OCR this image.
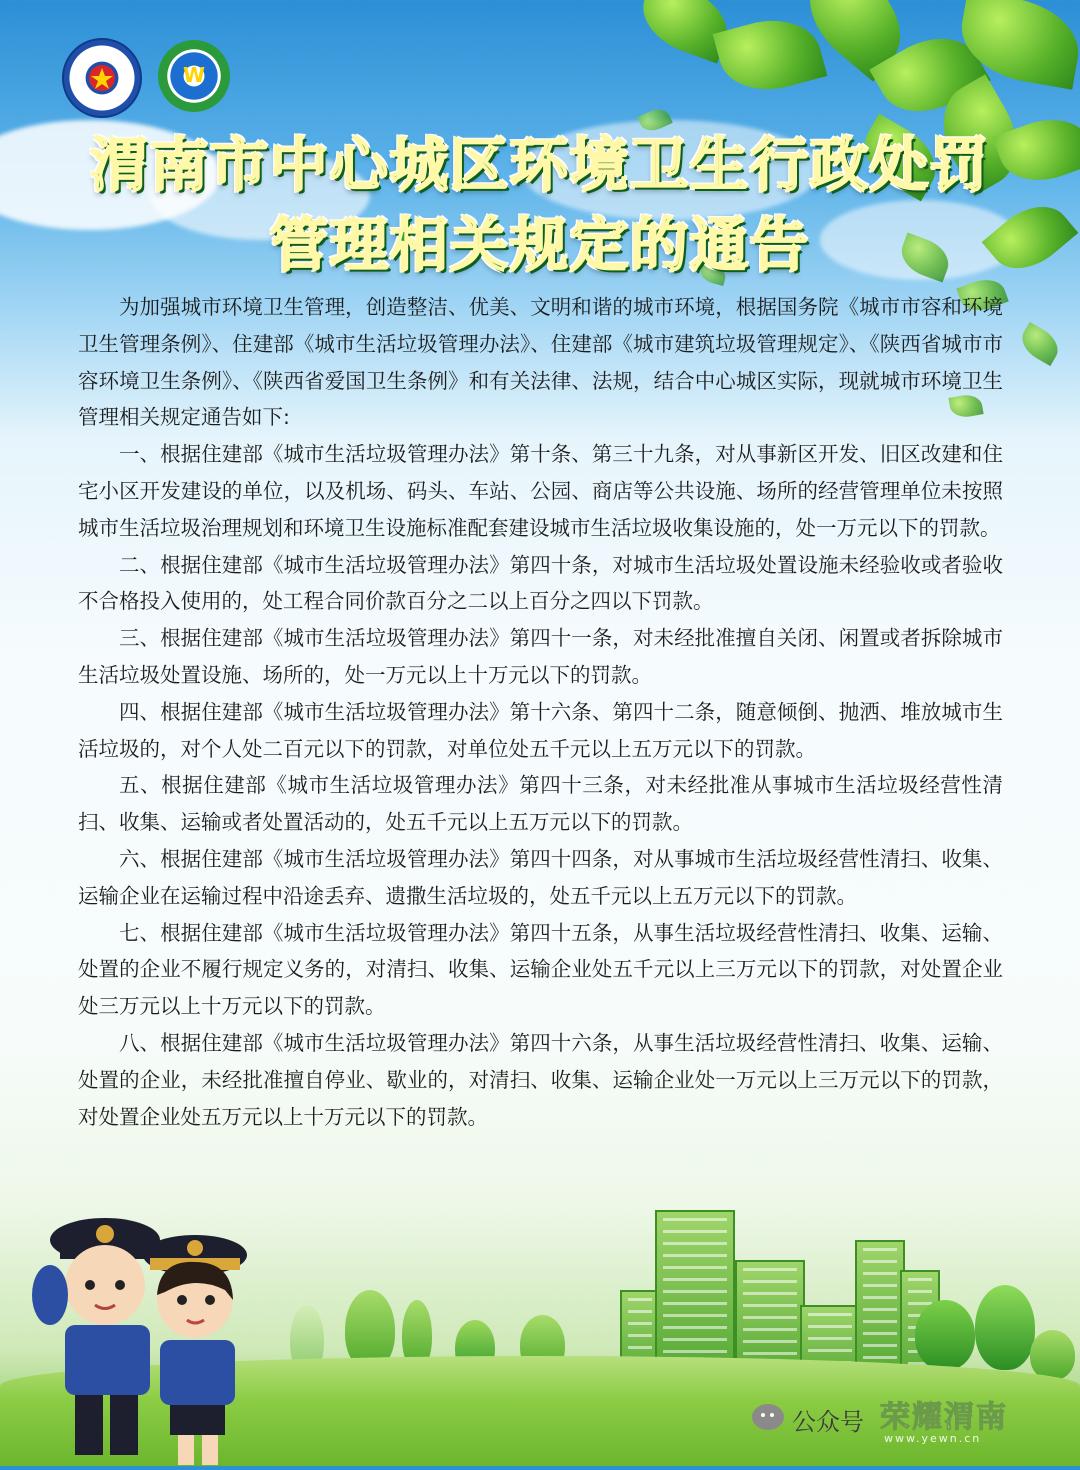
W
渭南市中心城区环境卫生行政处罚
管理相关规定的通告

为加强城市环境卫生管理，创造整洁、优美、文明和谐的城市环境，根据国务院《城市市容和环境卫生管理条例》、住建部《城市生活垃圾管理办法》、住建部《城市建筑垃圾管理规定》、《陕西省城市市容环境卫生条例》、《陕西省爱国卫生条例》和有关法律、法规，结合中心城区实际，现就城市环境卫生管理相关规定通告如下:

一、根据住建部《城市生活垃圾管理办法》第十条、第三十九条，对从事新区开发、旧区改建和住宅小区开发建设的单位，以及机场、码头、车站、公园、商店等公共设施、场所的经营管理单位未按照城市生活垃圾治理规划和环境卫生设施标准配套建设城市生活垃圾收集设施的，处一万元以下的罚款。

二、根据住建部《城市生活垃圾管理办法》第四十条，对城市生活垃圾处置设施未经验收或者验收不合格投入使用的，处工程合同价款百分之二以上百分之四以下罚款。

三、根据住建部《城市生活垃圾管理办法》第四十一条，对未经批准擅自关闭、闲置或者拆除城市生活垃圾处置设施、场所的，处一万元以上十万元以下的罚款。

四、根据住建部《城市生活垃圾管理办法》第十六条、第四十二条，随意倾倒、抛洒、堆放城市生活垃圾的，对个人处二百元以下的罚款，对单位处五千元以上五万元以下的罚款。

五、根据住建部《城市生活垃圾管理办法》第四十三条，对未经批准从事城市生活垃圾经营性清扫、收集、运输或者处置活动的，处五千元以上五万元以下的罚款。

六、根据住建部《城市生活垃圾管理办法》第四十四条，对从事城市生活垃圾经营性清扫、收集、运输企业在运输过程中沿途丢弃、遗撒生活垃圾的，处五千元以上五万元以下的罚款。

七、根据住建部《城市生活垃圾管理办法》第四十五条，从事生活垃圾经营性清扫、收集、运输、处置的企业不履行规定义务的，对清扫、收集、运输企业处五千元以上三万元以下的罚款，对处置企业处三万元以上十万元以下的罚款。

八、根据住建部《城市生活垃圾管理办法》第四十六条，从事生活垃圾经营性清扫、收集、运输、处置的企业，未经批准擅自停业、歇业的，对清扫、收集、运输企业处一万元以上三万元以下的罚款，对处置企业处五万元以上十万元以下的罚款。

公众号 荣耀渭南
www.yewn.cn
